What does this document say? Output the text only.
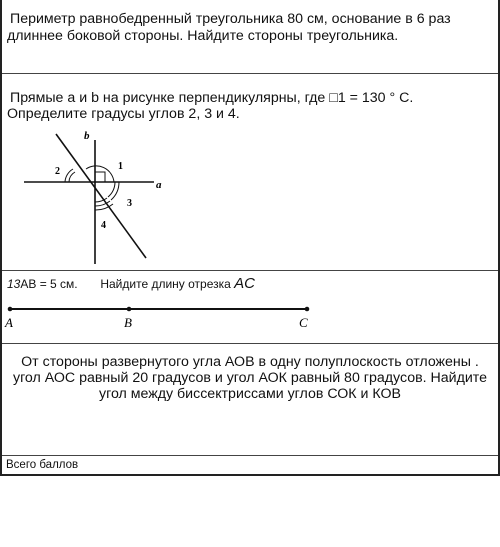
Периметр равнобедренный треугольника 80 см, основание в 6 раз
длиннее боковой стороны. Найдите стороны треугольника.
Прямые a и b на рисунке перпендикулярны, где □1 = 130 ° С.
Определите градусы углов 2, 3 и 4.
b
a
1
2
3
4
13AB = 5 см. Найдите длину отрезка AC
A	B	C
От стороны развернутого угла АОВ в одну полуплоскость отложены .
угол АОС равный 20 градусов и угол АОК равный 80 градусов. Найдите
угол между биссектриссами углов СОК и КОВ
Всего баллов
